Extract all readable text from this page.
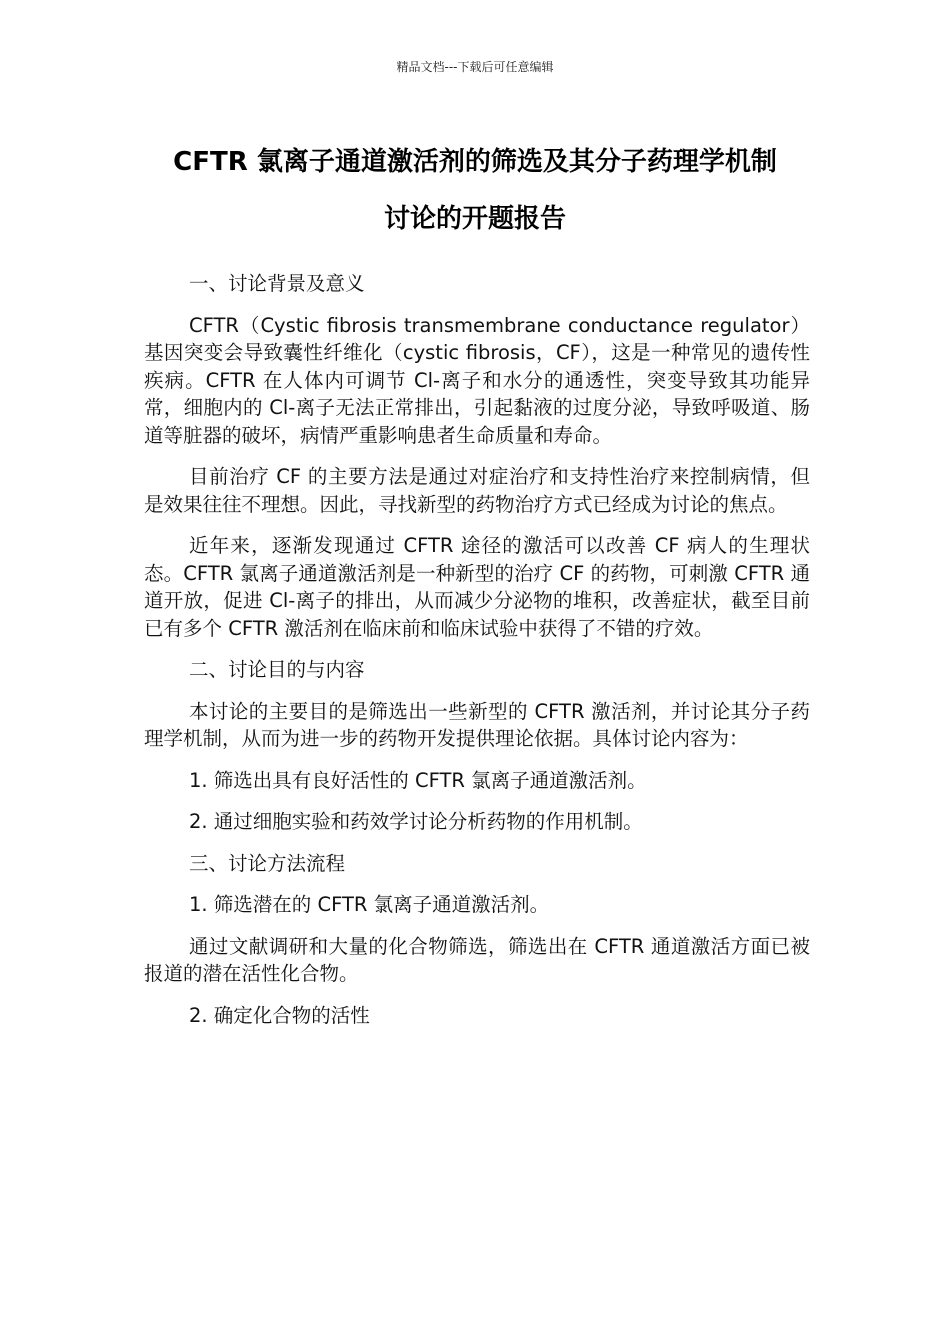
精品文档---下载后可任意编辑
CFTR 氯离子通道激活剂的筛选及其分子药理学机制
讨论的开题报告

一、讨论背景及意义

CFTR（Cystic fibrosis transmembrane conductance regulator）基因突变会导致囊性纤维化（cystic fibrosis，CF），这是一种常见的遗传性疾病。CFTR 在人体内可调节 Cl-离子和水分的通透性，突变导致其功能异常，细胞内的 Cl-离子无法正常排出，引起黏液的过度分泌，导致呼吸道、肠道等脏器的破坏，病情严重影响患者生命质量和寿命。

目前治疗 CF 的主要方法是通过对症治疗和支持性治疗来控制病情，但是效果往往不理想。因此，寻找新型的药物治疗方式已经成为讨论的焦点。

近年来，逐渐发现通过 CFTR 途径的激活可以改善 CF 病人的生理状态。CFTR 氯离子通道激活剂是一种新型的治疗 CF 的药物，可刺激 CFTR 通道开放，促进 Cl-离子的排出，从而减少分泌物的堆积，改善症状，截至目前已有多个 CFTR 激活剂在临床前和临床试验中获得了不错的疗效。

二、讨论目的与内容

本讨论的主要目的是筛选出一些新型的 CFTR 激活剂，并讨论其分子药理学机制，从而为进一步的药物开发提供理论依据。具体讨论内容为：

1. 筛选出具有良好活性的 CFTR 氯离子通道激活剂。

2. 通过细胞实验和药效学讨论分析药物的作用机制。

三、讨论方法流程

1. 筛选潜在的 CFTR 氯离子通道激活剂。

通过文献调研和大量的化合物筛选，筛选出在 CFTR 通道激活方面已被报道的潜在活性化合物。

2. 确定化合物的活性
